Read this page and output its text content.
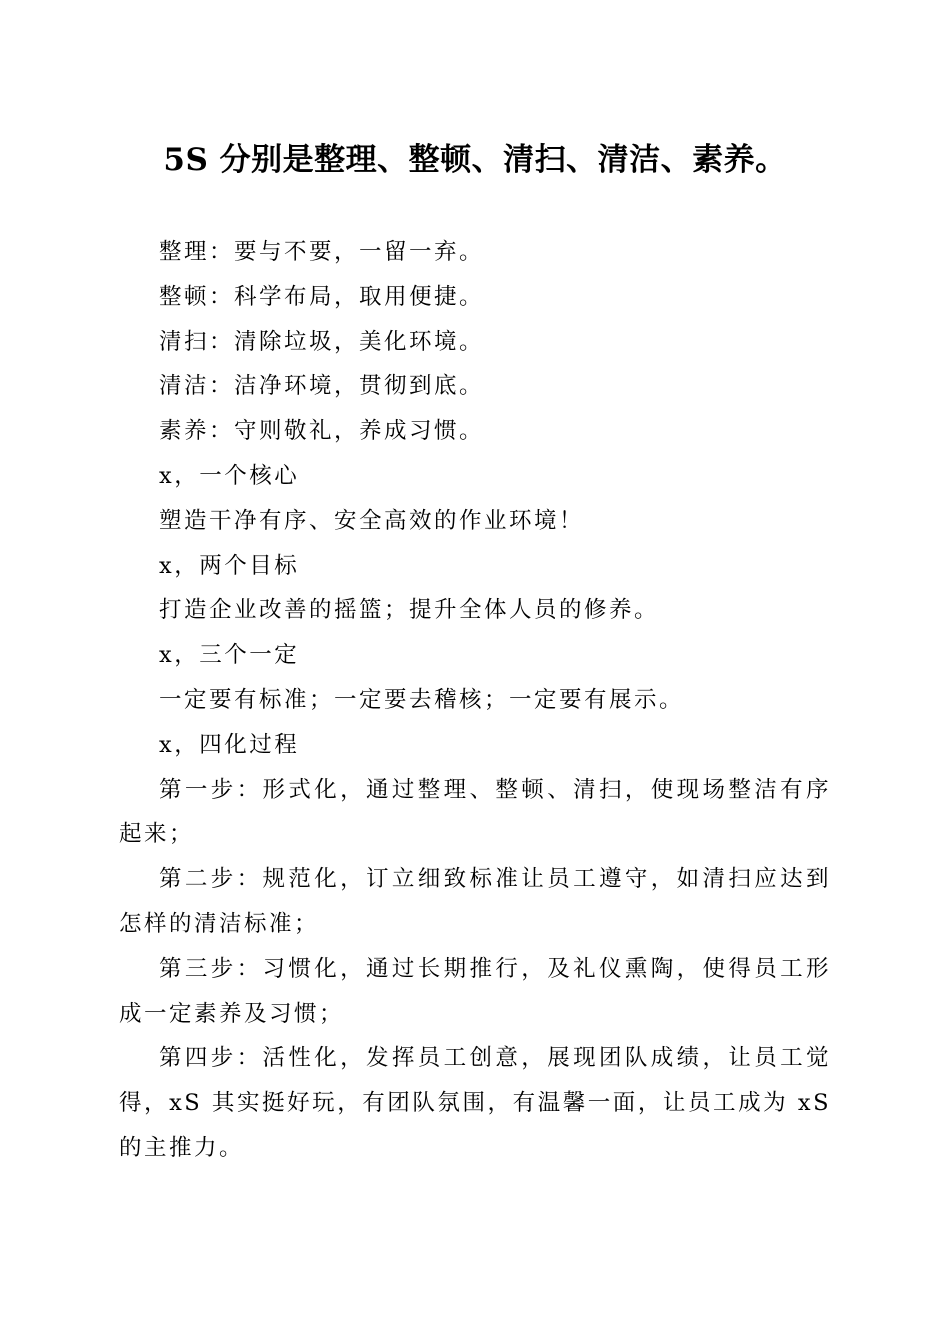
5S 分别是整理、整顿、清扫、清洁、素养。

整理：要与不要，一留一弃。

整顿：科学布局，取用便捷。

清扫：清除垃圾，美化环境。

清洁：洁净环境，贯彻到底。

素养：守则敬礼，养成习惯。

x，一个核心

塑造干净有序、安全高效的作业环境！

x，两个目标

打造企业改善的摇篮；提升全体人员的修养。

x，三个一定

一定要有标准；一定要去稽核；一定要有展示。

x，四化过程

第一步：形式化，通过整理、整顿、清扫，使现场整洁有序起来；

第二步：规范化，订立细致标准让员工遵守，如清扫应达到怎样的清洁标准；

第三步：习惯化，通过长期推行，及礼仪熏陶，使得员工形成一定素养及习惯；

第四步：活性化，发挥员工创意，展现团队成绩，让员工觉得，xS 其实挺好玩，有团队氛围，有温馨一面，让员工成为 xS 的主推力。
